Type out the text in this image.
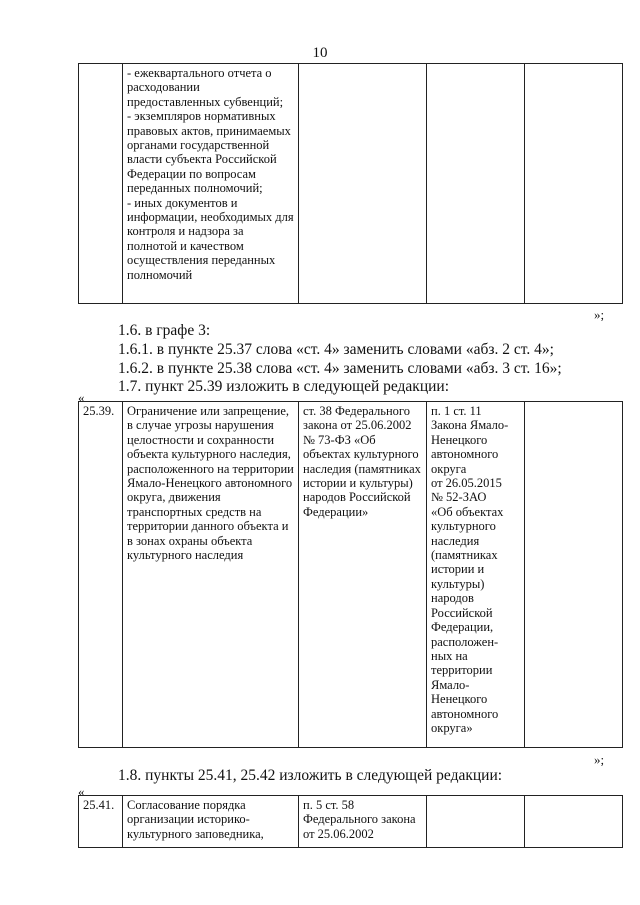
10
	- ежеквартального отчета о расходовании предоставленных субвенций;
- экземпляров нормативных правовых актов, принимаемых органами государственной власти субъекта Российской Федерации по вопросам переданных полномочий;
- иных документов и информации, необходимых для контроля и надзора за полнотой и качеством осуществления переданных полномочий			
»;
1.6. в графе 3:
1.6.1. в пункте 25.37 слова «ст. 4» заменить словами «абз. 2 ст. 4»;
1.6.2. в пункте 25.38 слова «ст. 4» заменить словами «абз. 3 ст. 16»;
1.7. пункт 25.39 изложить в следующей редакции:
«
25.39.	Ограничение или запрещение, в случае угрозы нарушения целостности и сохранности объекта культурного наследия, расположенного на территории Ямало-Ненецкого автономного округа, движения транспортных средств на территории данного объекта и в зонах охраны объекта культурного наследия	ст. 38 Федерального закона от 25.06.2002 № 73-ФЗ «Об объектах культурного наследия (памятниках истории и культуры) народов Российской Федерации»	п. 1 ст. 11
Закона Ямало-
Ненецкого
автономного
округа
от 26.05.2015
№ 52-ЗАО
«Об объектах
культурного
наследия
(памятниках
истории и
культуры)
народов
Российской
Федерации,
расположен-
ных на
территории
Ямало-
Ненецкого
автономного
округа»	
»;
1.8. пункты 25.41, 25.42 изложить в следующей редакции:
«
25.41.	Согласование порядка организации историко-культурного заповедника,	п. 5 ст. 58
Федерального закона
от 25.06.2002		
